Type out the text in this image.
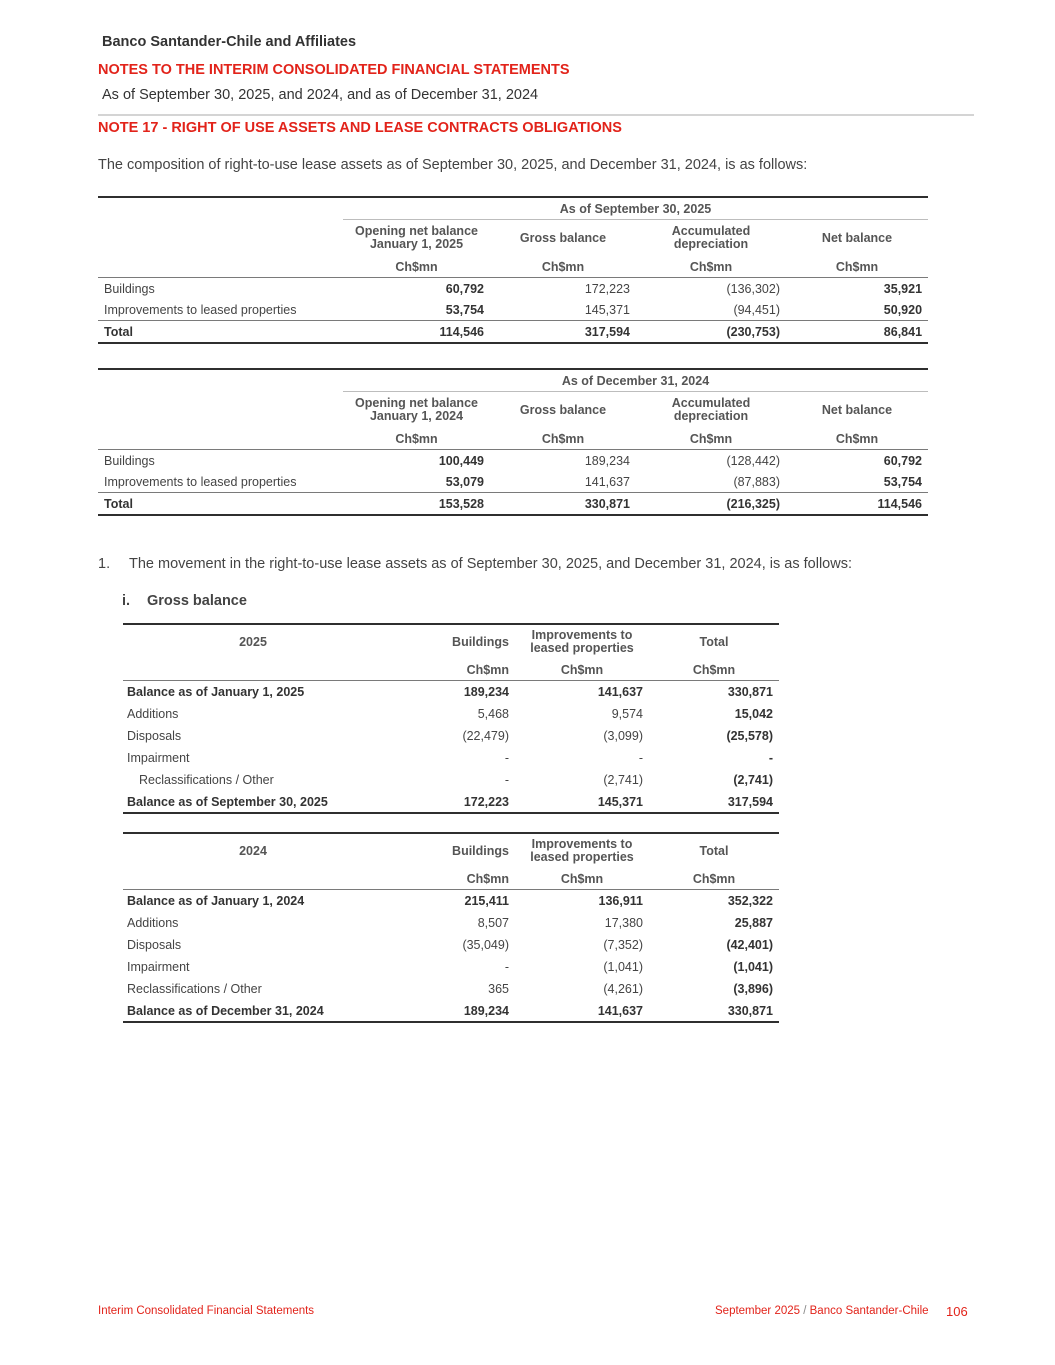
Banco Santander-Chile and Affiliates
NOTES TO THE INTERIM CONSOLIDATED FINANCIAL STATEMENTS
As of September 30, 2025, and 2024, and as of December 31, 2024
NOTE 17 - RIGHT OF USE ASSETS AND LEASE CONTRACTS OBLIGATIONS
The composition of right-to-use lease assets as of September 30, 2025, and December 31, 2024, is as follows:
	As of September 30, 2025			
	Opening net balance
January 1, 2025	Gross balance	Accumulated
depreciation	Net balance
	Ch$mn	Ch$mn	Ch$mn	Ch$mn
Buildings	60,792	172,223	(136,302)	35,921
Improvements to leased properties	53,754	145,371	(94,451)	50,920
Total	114,546	317,594	(230,753)	86,841
	As of December 31, 2024			
	Opening net balance
January 1, 2024	Gross balance	Accumulated
depreciation	Net balance
	Ch$mn	Ch$mn	Ch$mn	Ch$mn
Buildings	100,449	189,234	(128,442)	60,792
Improvements to leased properties	53,079	141,637	(87,883)	53,754
Total	153,528	330,871	(216,325)	114,546
1. The movement in the right-to-use lease assets as of September 30, 2025, and December 31, 2024, is as follows:
i. Gross balance
2025	Buildings	Improvements to
leased properties	Total
	Ch$mn	Ch$mn	Ch$mn
Balance as of January 1, 2025	189,234	141,637	330,871
Additions	5,468	9,574	15,042
Disposals	(22,479)	(3,099)	(25,578)
Impairment	-	-	-
Reclassifications / Other	-	(2,741)	(2,741)
Balance as of September 30, 2025	172,223	145,371	317,594
2024	Buildings	Improvements to
leased properties	Total
	Ch$mn	Ch$mn	Ch$mn
Balance as of January 1, 2024	215,411	136,911	352,322
Additions	8,507	17,380	25,887
Disposals	(35,049)	(7,352)	(42,401)
Impairment	-	(1,041)	(1,041)
Reclassifications / Other	365	(4,261)	(3,896)
Balance as of December 31, 2024	189,234	141,637	330,871
Interim Consolidated Financial Statements	September 2025 / Banco Santander-Chile 106
